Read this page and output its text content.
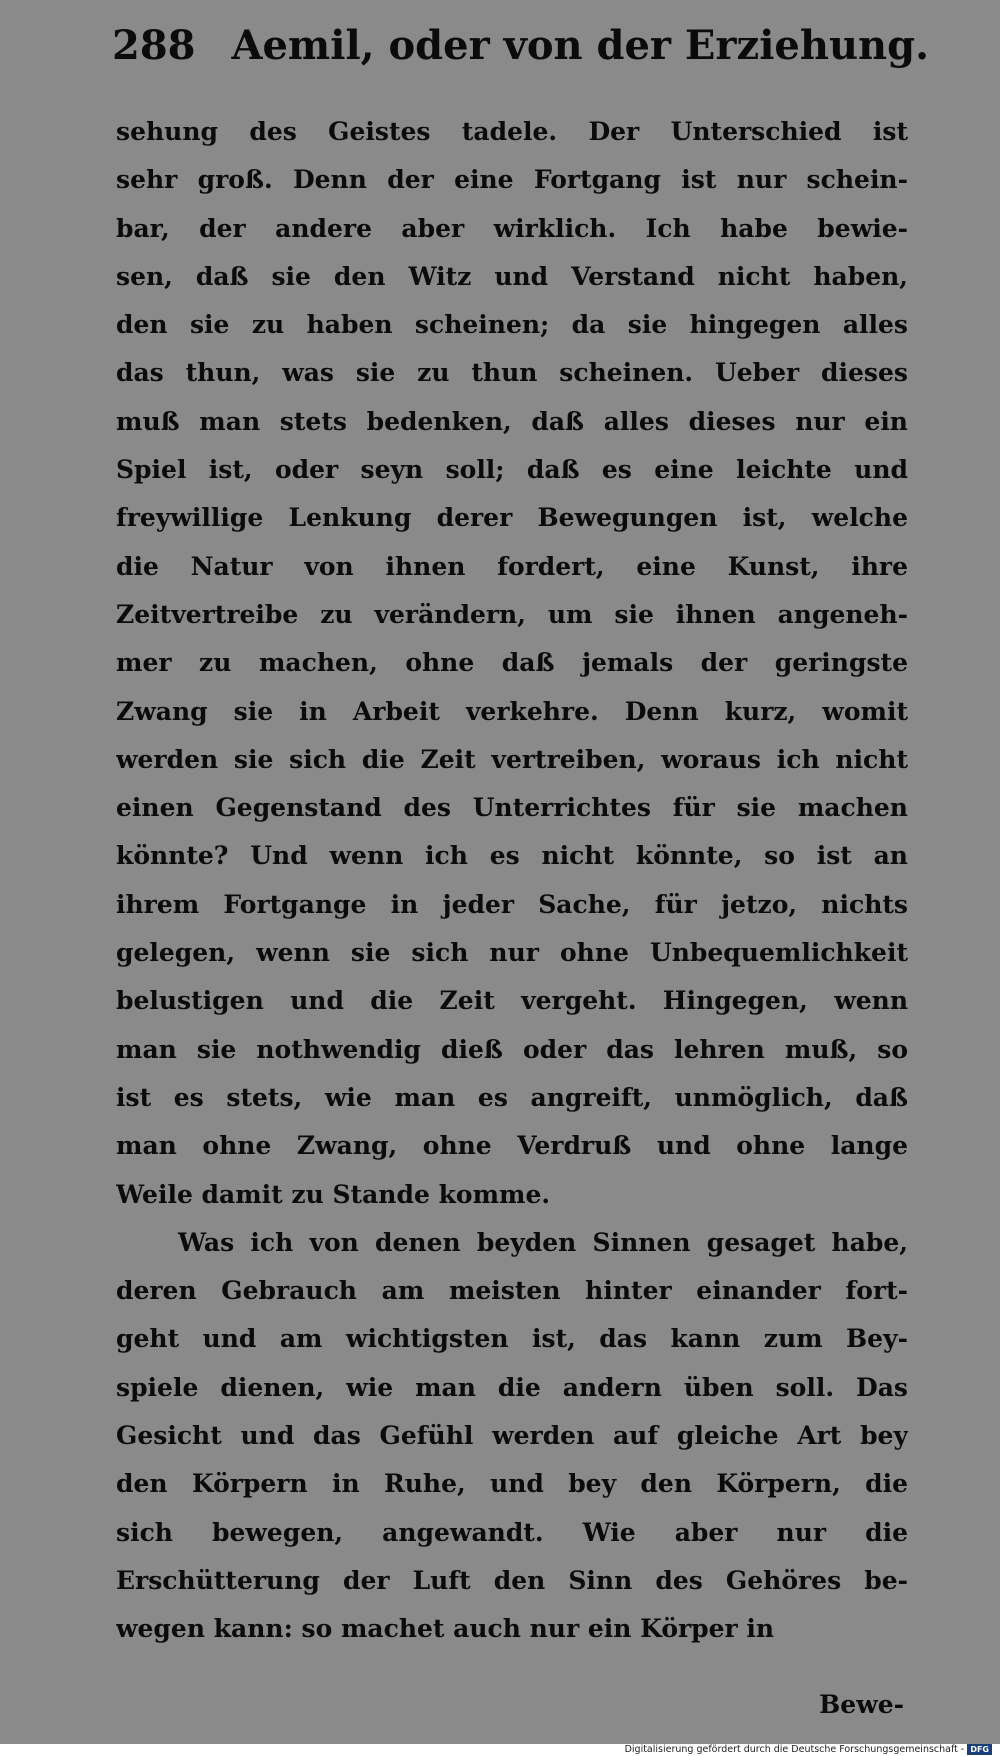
288 Aemil, oder von der Erziehung.
sehung des Geistes tadele. Der Unterschied ist
sehr groß. Denn der eine Fortgang ist nur schein-
bar, der andere aber wirklich. Ich habe bewie-
sen, daß sie den Witz und Verstand nicht haben,
den sie zu haben scheinen; da sie hingegen alles
das thun, was sie zu thun scheinen. Ueber dieses
muß man stets bedenken, daß alles dieses nur ein
Spiel ist, oder seyn soll; daß es eine leichte und
freywillige Lenkung derer Bewegungen ist, welche
die Natur von ihnen fordert, eine Kunst, ihre
Zeitvertreibe zu verändern, um sie ihnen angeneh-
mer zu machen, ohne daß jemals der geringste
Zwang sie in Arbeit verkehre. Denn kurz, womit
werden sie sich die Zeit vertreiben, woraus ich nicht
einen Gegenstand des Unterrichtes für sie machen
könnte? Und wenn ich es nicht könnte, so ist an
ihrem Fortgange in jeder Sache, für jetzo, nichts
gelegen, wenn sie sich nur ohne Unbequemlichkeit
belustigen und die Zeit vergeht. Hingegen, wenn
man sie nothwendig dieß oder das lehren muß, so
ist es stets, wie man es angreift, unmöglich, daß
man ohne Zwang, ohne Verdruß und ohne lange
Weile damit zu Stande komme.
Was ich von denen beyden Sinnen gesaget habe,
deren Gebrauch am meisten hinter einander fort-
geht und am wichtigsten ist, das kann zum Bey-
spiele dienen, wie man die andern üben soll. Das
Gesicht und das Gefühl werden auf gleiche Art bey
den Körpern in Ruhe, und bey den Körpern, die
sich bewegen, angewandt. Wie aber nur die
Erschütterung der Luft den Sinn des Gehöres be-
wegen kann: so machet auch nur ein Körper in
Bewe-
Digitalisierung gefördert durch die Deutsche Forschungsgemeinschaft - DFG
